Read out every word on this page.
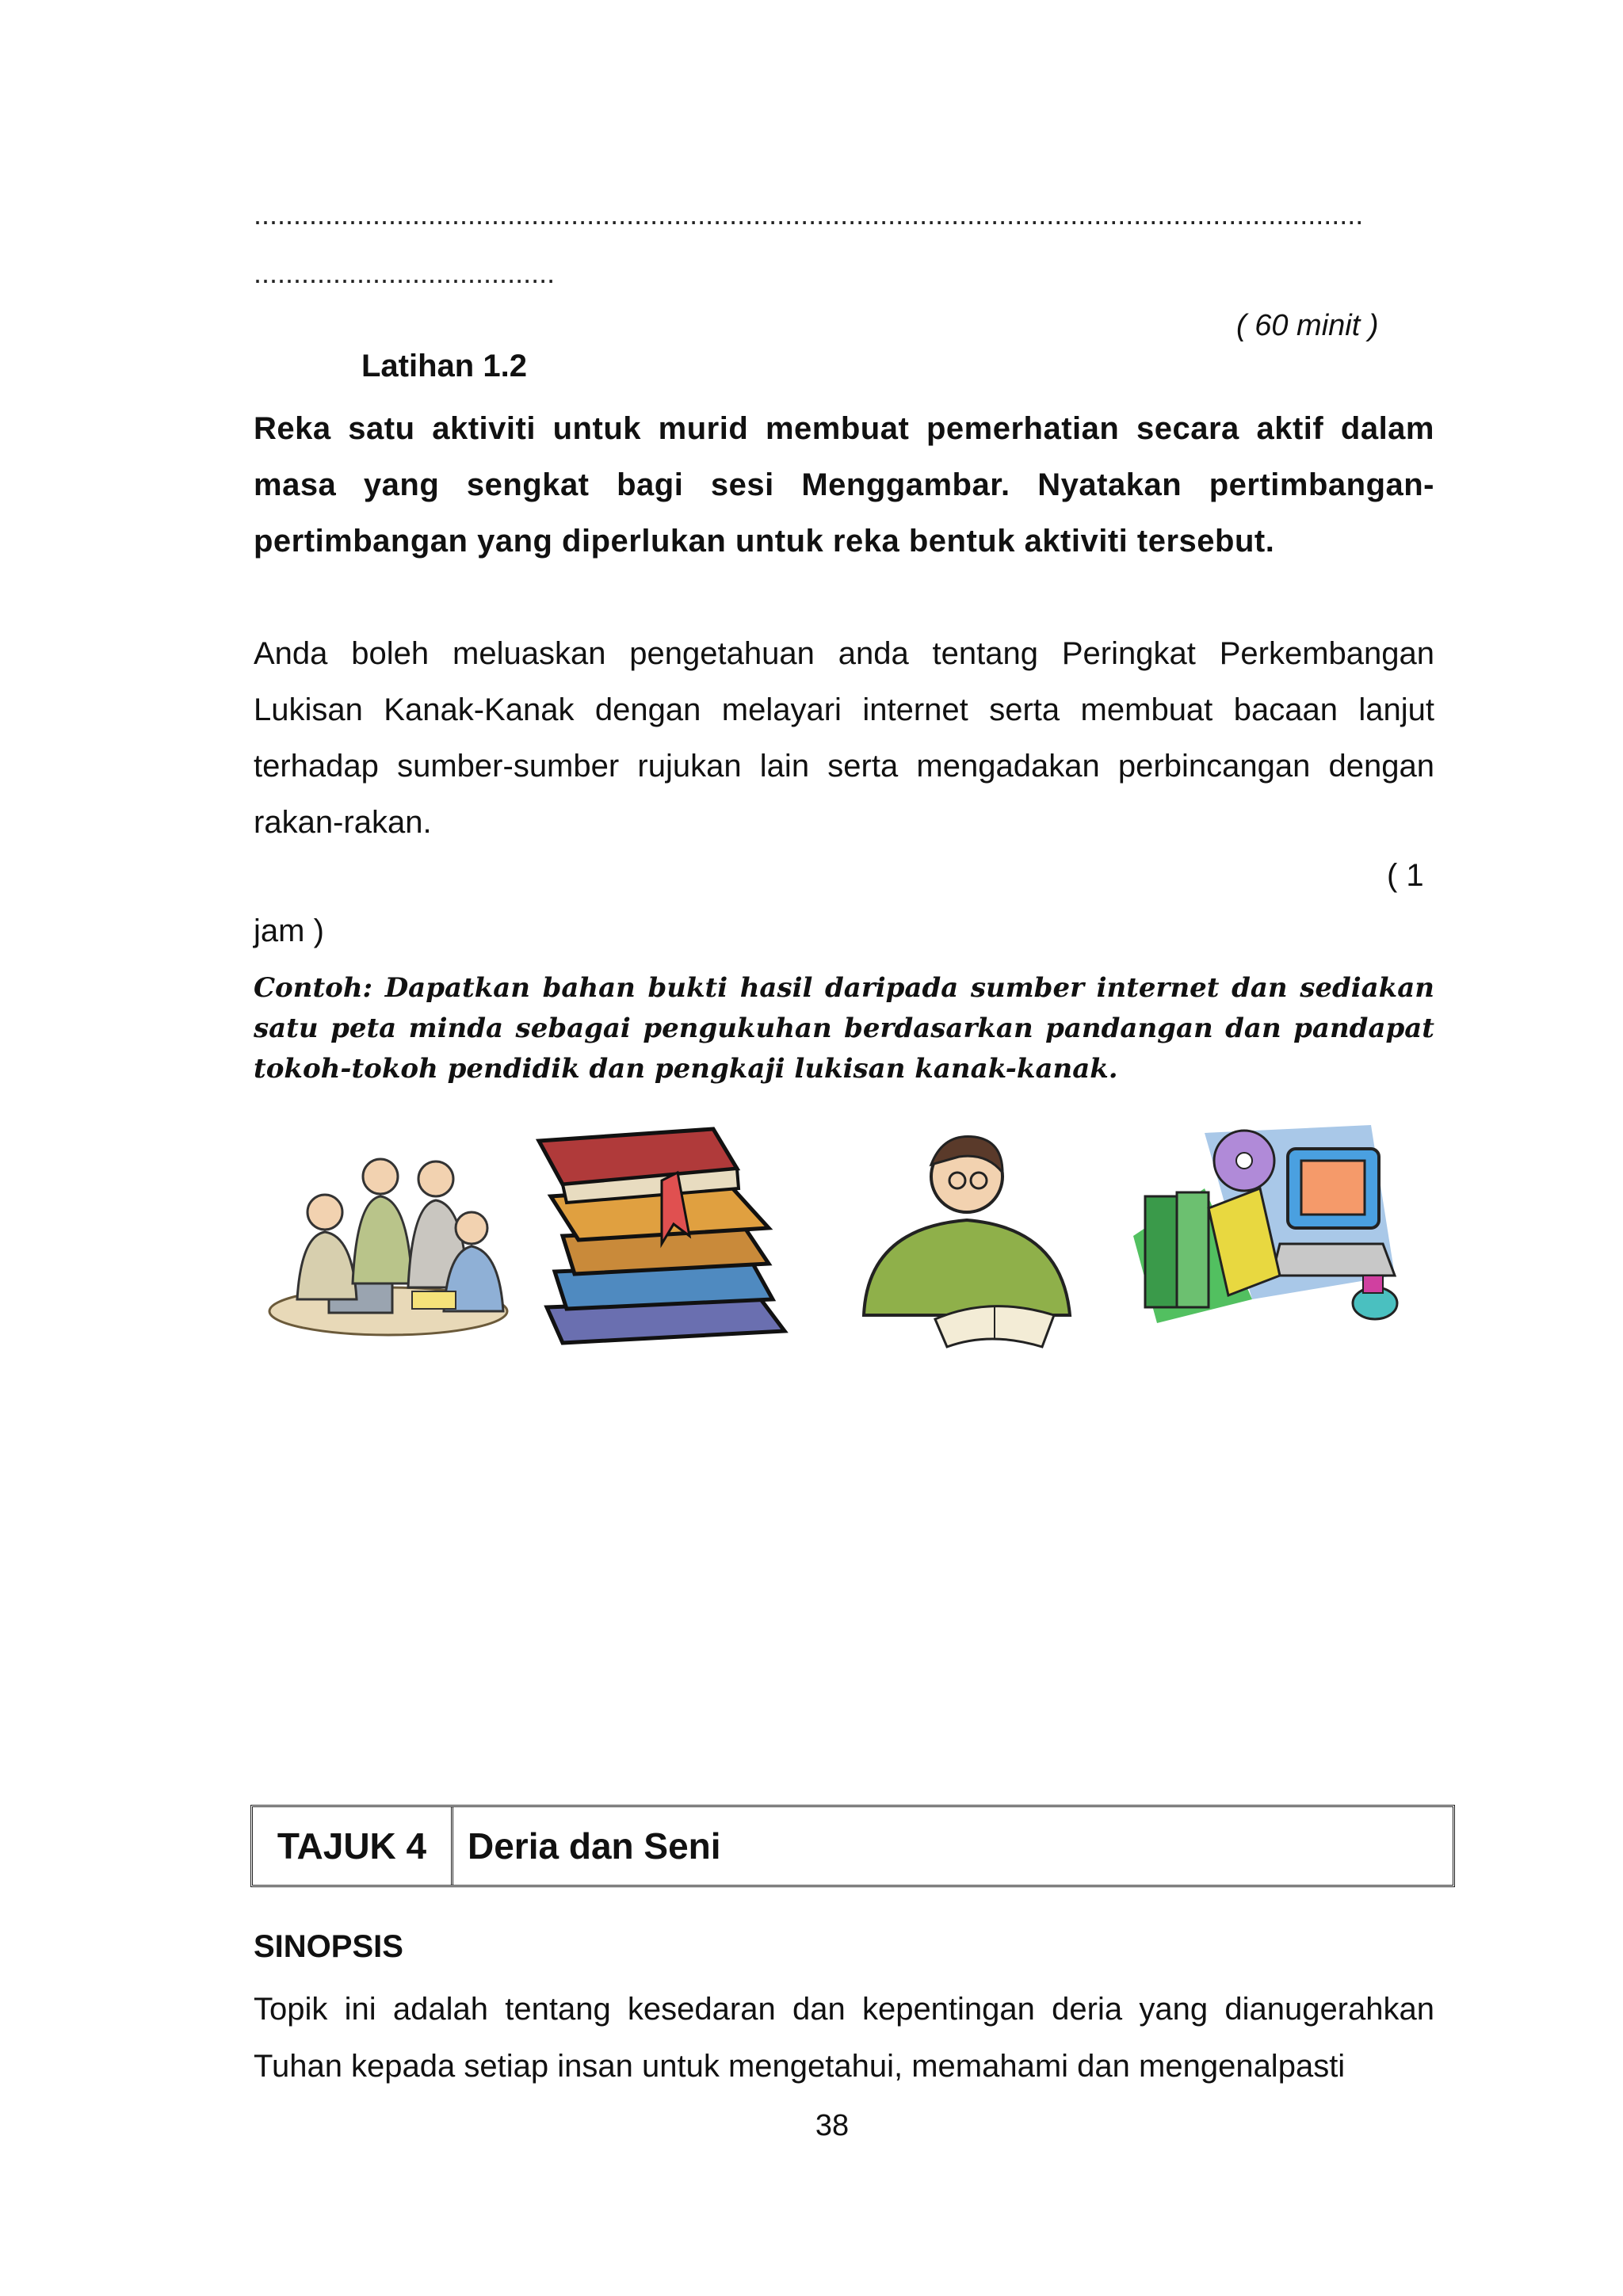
............................................................................................................................................
......................................
( 60 minit )
Latihan 1.2
Reka satu aktiviti untuk murid membuat pemerhatian secara aktif dalam masa yang sengkat bagi sesi Menggambar. Nyatakan pertimbangan-pertimbangan yang diperlukan untuk reka bentuk aktiviti tersebut.
Anda boleh meluaskan pengetahuan anda tentang Peringkat Perkembangan Lukisan Kanak-Kanak dengan melayari internet serta membuat bacaan lanjut terhadap sumber-sumber rujukan lain serta mengadakan perbincangan dengan rakan-rakan.
( 1
jam )
Contoh: Dapatkan bahan bukti hasil daripada sumber internet dan sediakan satu peta minda sebagai pengukuhan berdasarkan pandangan dan pandapat tokoh-tokoh pendidik dan pengkaji lukisan kanak-kanak.
TAJUK 4	Deria dan Seni
SINOPSIS
Topik ini adalah tentang kesedaran dan kepentingan deria yang dianugerahkan Tuhan kepada setiap insan untuk mengetahui, memahami dan mengenalpasti
38
